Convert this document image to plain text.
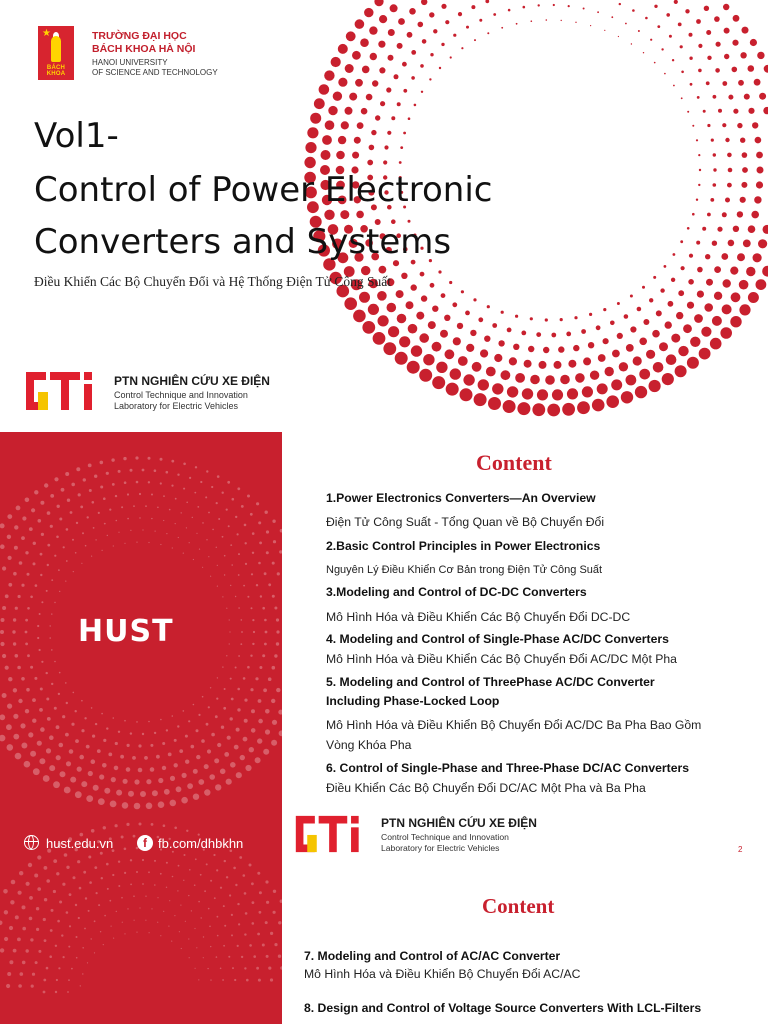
★
BÁCH KHOA
TRƯỜNG ĐẠI HỌC
BÁCH KHOA HÀ NỘI
HANOI UNIVERSITY
OF SCIENCE AND TECHNOLOGY
Vol1-
Control of Power Electronic
Converters and Systems
Điều Khiển Các Bộ Chuyển Đổi và Hệ Thống Điện Tử Công Suất
PTN NGHIÊN CỨU XE ĐIỆN
Control Technique and Innovation
Laboratory for Electric Vehicles
HUST
hust.edu.vn	f fb.com/dhbkhn
Content
1.Power Electronics Converters—An Overview
Điện Tử Công Suất - Tổng Quan về Bộ Chuyển Đổi
2.Basic Control Principles in Power Electronics
Nguyên Lý Điều Khiển Cơ Bản trong Điện Tử Công Suất
3.Modeling and Control of DC-DC Converters
Mô Hình Hóa và Điều Khiển Các Bộ Chuyển Đổi DC-DC
4. Modeling and Control of Single-Phase AC/DC Converters
Mô Hình Hóa và Điều Khiển Các Bộ Chuyển Đổi AC/DC Một Pha
5. Modeling and Control of ThreePhase AC/DC Converter
Including Phase-Locked Loop
Mô Hình Hóa và Điều Khiển Bộ Chuyển Đổi AC/DC Ba Pha Bao Gồm
Vòng Khóa Pha
6. Control of Single-Phase and Three-Phase DC/AC Converters
Điều Khiển Các Bộ Chuyển Đổi DC/AC Một Pha và Ba Pha
PTN NGHIÊN CỨU XE ĐIỆN
Control Technique and Innovation
Laboratory for Electric Vehicles	2
Content
7. Modeling and Control of AC/AC Converter
Mô Hình Hóa và Điều Khiển Bộ Chuyển Đổi AC/AC
8. Design and Control of Voltage Source Converters With LCL-Filters
